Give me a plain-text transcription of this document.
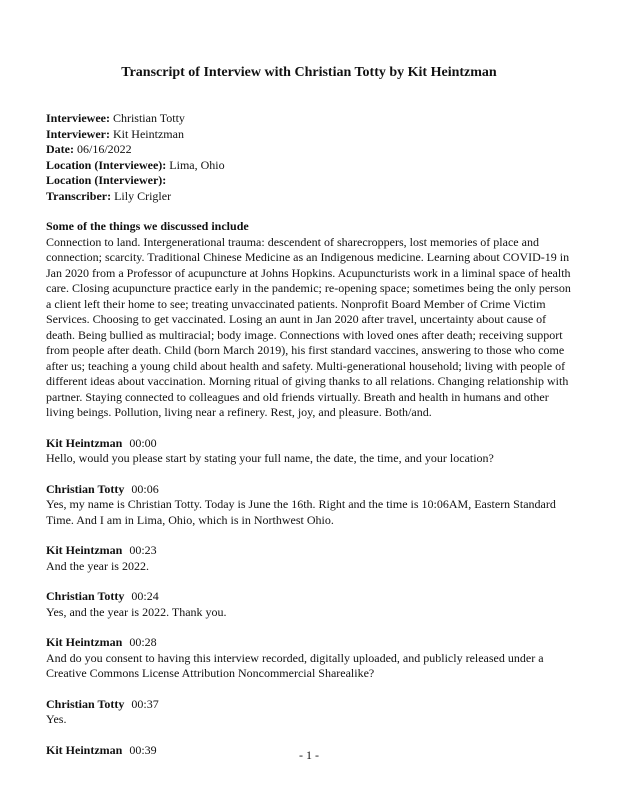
Transcript of Interview with Christian Totty by Kit Heintzman
Interviewee: Christian Totty
Interviewer: Kit Heintzman
Date: 06/16/2022
Location (Interviewee): Lima, Ohio
Location (Interviewer):
Transcriber: Lily Crigler
Some of the things we discussed include
Connection to land. Intergenerational trauma: descendent of sharecroppers, lost memories of place and connection; scarcity. Traditional Chinese Medicine as an Indigenous medicine. Learning about COVID-19 in Jan 2020 from a Professor of acupuncture at Johns Hopkins. Acupuncturists work in a liminal space of health care. Closing acupuncture practice early in the pandemic; re-opening space; sometimes being the only person a client left their home to see; treating unvaccinated patients. Nonprofit Board Member of Crime Victim Services. Choosing to get vaccinated. Losing an aunt in Jan 2020 after travel, uncertainty about cause of death. Being bullied as multiracial; body image. Connections with loved ones after death; receiving support from people after death. Child (born March 2019), his first standard vaccines, answering to those who come after us; teaching a young child about health and safety. Multi-generational household; living with people of different ideas about vaccination. Morning ritual of giving thanks to all relations. Changing relationship with partner. Staying connected to colleagues and old friends virtually. Breath and health in humans and other living beings. Pollution, living near a refinery. Rest, joy, and pleasure. Both/and.
Kit Heintzman 00:00
Hello, would you please start by stating your full name, the date, the time, and your location?
Christian Totty 00:06
Yes, my name is Christian Totty. Today is June the 16th. Right and the time is 10:06AM, Eastern Standard Time. And I am in Lima, Ohio, which is in Northwest Ohio.
Kit Heintzman 00:23
And the year is 2022.
Christian Totty 00:24
Yes, and the year is 2022. Thank you.
Kit Heintzman 00:28
And do you consent to having this interview recorded, digitally uploaded, and publicly released under a Creative Commons License Attribution Noncommercial Sharealike?
Christian Totty 00:37
Yes.
Kit Heintzman 00:39	- 1 -
